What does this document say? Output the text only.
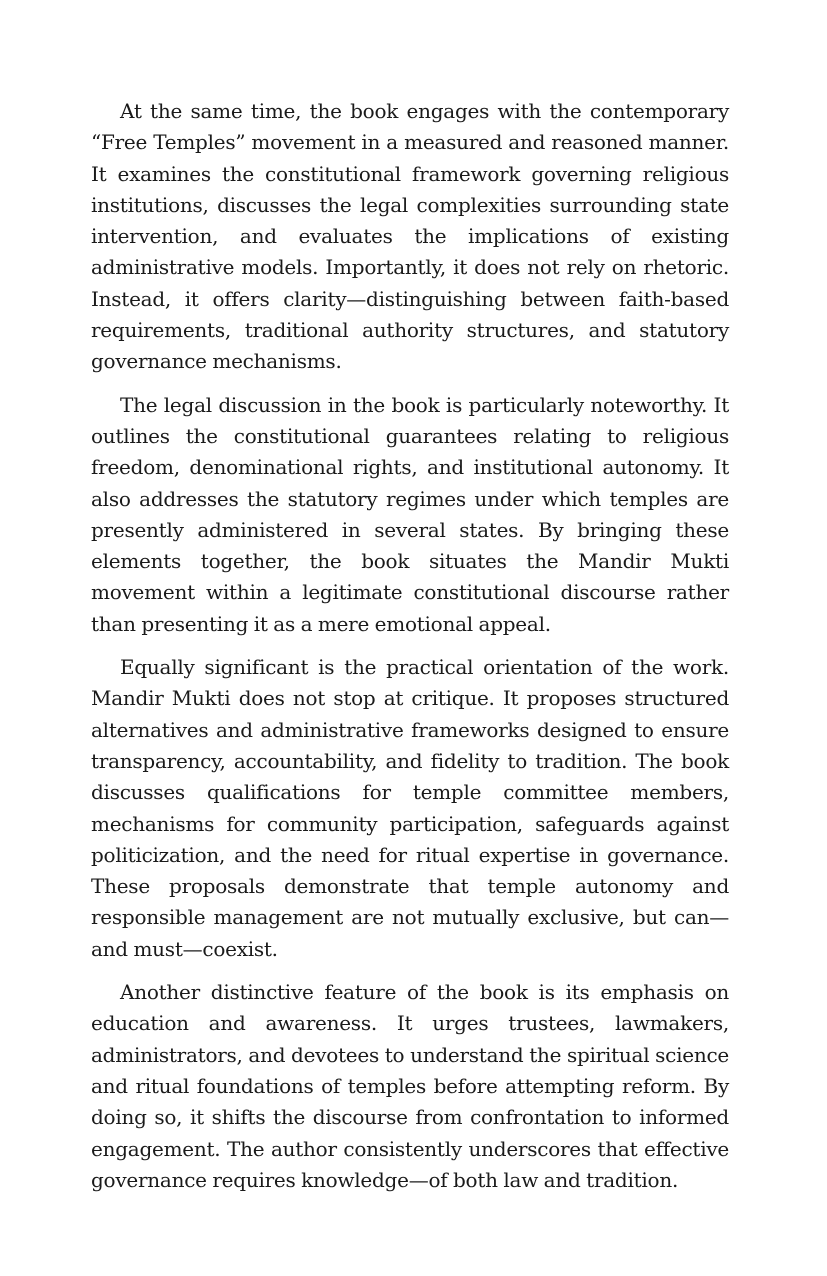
At the same time, the book engages with the contemporary “Free Temples” movement in a measured and reasoned manner. It examines the constitutional framework governing religious institutions, discusses the legal complexities surrounding state intervention, and evaluates the implications of existing administrative models. Importantly, it does not rely on rhetoric. Instead, it offers clarity—distinguishing between faith-based requirements, traditional authority structures, and statutory governance mechanisms.

The legal discussion in the book is particularly noteworthy. It outlines the constitutional guarantees relating to religious freedom, denominational rights, and institutional autonomy. It also addresses the statutory regimes under which temples are presently administered in several states. By bringing these elements together, the book situates the Mandir Mukti movement within a legitimate constitutional discourse rather than presenting it as a mere emotional appeal.

Equally significant is the practical orientation of the work. Mandir Mukti does not stop at critique. It proposes structured alternatives and administrative frameworks designed to ensure transparency, accountability, and fidelity to tradition. The book discusses qualifications for temple committee members, mechanisms for community participation, safeguards against politicization, and the need for ritual expertise in governance. These proposals demonstrate that temple autonomy and responsible management are not mutually exclusive, but can—and must—coexist.

Another distinctive feature of the book is its emphasis on education and awareness. It urges trustees, lawmakers, administrators, and devotees to understand the spiritual science and ritual foundations of temples before attempting reform. By doing so, it shifts the discourse from confrontation to informed engagement. The author consistently underscores that effective governance requires knowledge—of both law and tradition.
